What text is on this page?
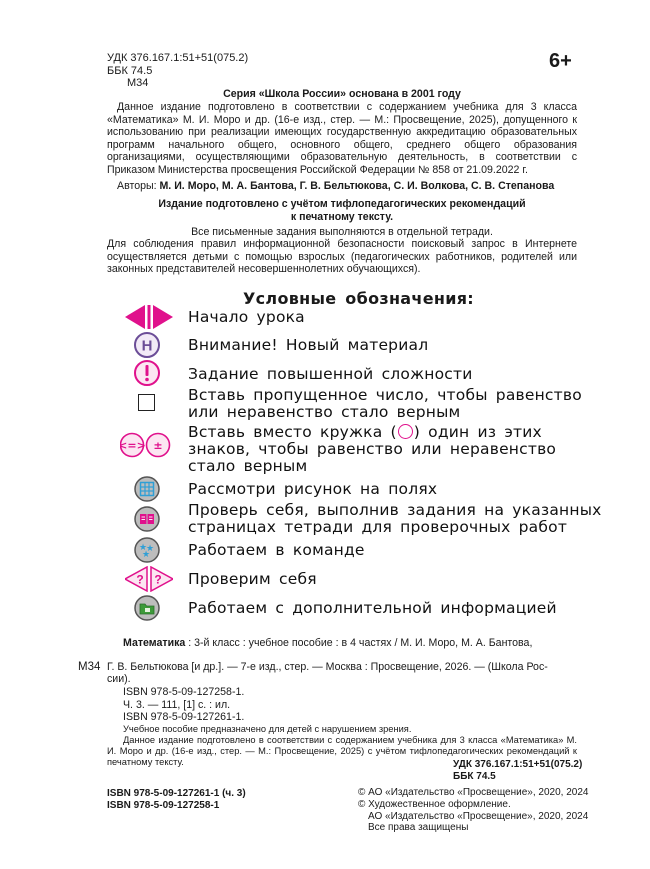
УДК 376.167.1:51+51(075.2)
ББК 74.5
М34
6+
Серия «Школа России» основана в 2001 году
Данное издание подготовлено в соответствии с содержанием учебника для 3 класса «Математика» М. И. Моро и др. (16-е изд., стер. — М.: Просвещение, 2025), допущенного к использованию при реализации имеющих государственную аккредитацию образовательных программ начального общего, основного общего, среднего общего образования организациями, осуществляющими образовательную деятельность, в соответствии с Приказом Министерства просвещения Российской Федерации № 858 от 21.09.2022 г.
Авторы: М. И. Моро, М. А. Бантова, Г. В. Бельтюкова, С. И. Волкова, С. В. Степанова
Издание подготовлено с учётом тифлопедагогических рекомендаций
к печатному тексту.
Все письменные задания выполняются в отдельной тетради.
Для соблюдения правил информационной безопасности поисковый запрос в Интернете осуществляется детьми с помощью взрослых (педагогических работников, родителей или законных представителей несовершеннолетних обучающихся).
Условные обозначения:
Начало урока
H Внимание! Новый материал
Задание повышенной сложности
Вставь пропущенное число, чтобы равенство
или неравенство стало верным
<=> ±
Вставь вместо кружка ( ) один из этих
знаков, чтобы равенство или неравенство
стало верным
Рассмотри рисунок на полях
Проверь себя, выполнив задания на указанных
страницах тетради для проверочных работ
★
★
★ Работаем в команде
? ? Проверим себя
Работаем с дополнительной информацией
Математика : 3-й класс : учебное пособие : в 4 частях / М. И. Моро, М. А. Бантова,
М34 Г. В. Бельтюкова [и др.]. — 7-е изд., стер. — Москва : Просвещение, 2026. — (Школа Рос-
сии).
ISBN 978-5-09-127258-1.
Ч. 3. — 111, [1] с. : ил.
ISBN 978-5-09-127261-1.
Учебное пособие предназначено для детей с нарушением зрения.
Данное издание подготовлено в соответствии с содержанием учебника для 3 класса «Математика» М. И. Моро и др. (16-е изд., стер. — М.: Просвещение, 2025) с учётом тифлопедагогических рекомендаций к печатному тексту.	УДК 376.167.1:51+51(075.2)
ББК 74.5
ISBN 978-5-09-127261-1 (ч. 3)
ISBN 978-5-09-127258-1
© АО «Издательство «Просвещение», 2020, 2024
© Художественное оформление.
АО «Издательство «Просвещение», 2020, 2024
Все права защищены
